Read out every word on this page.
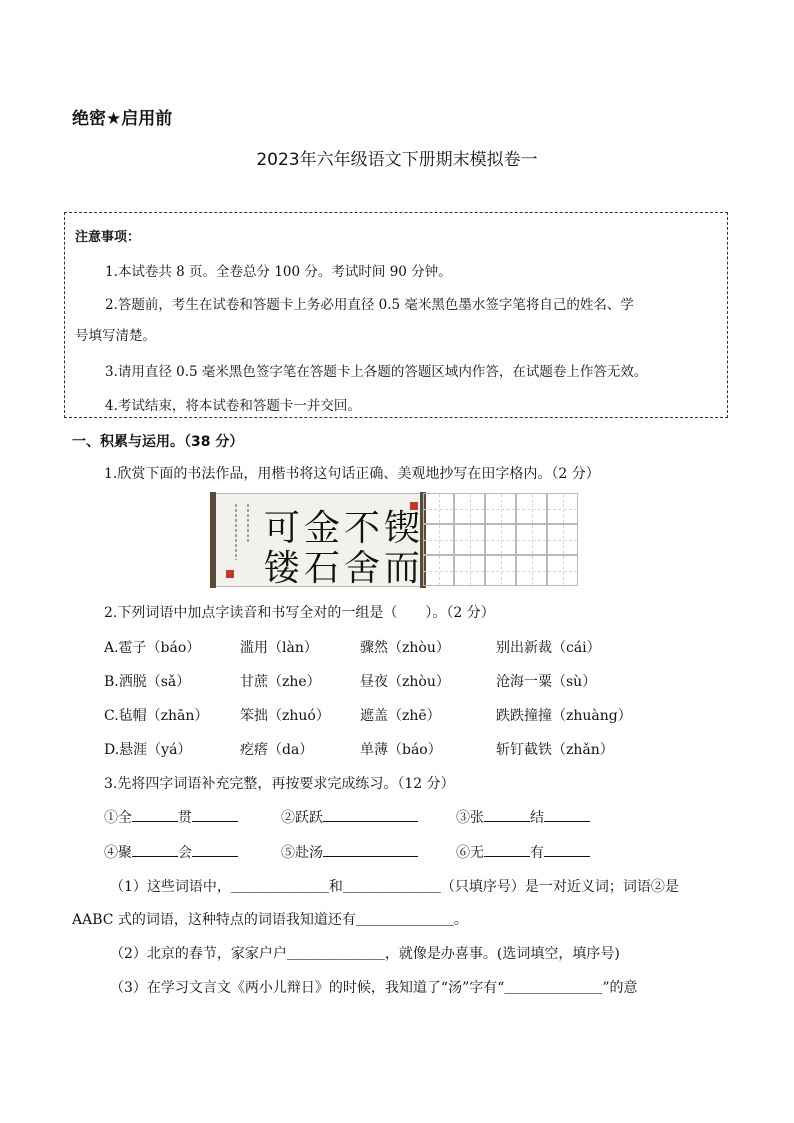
绝密★启用前
2023年六年级语文下册期末模拟卷一
注意事项：
1.本试卷共 8 页。全卷总分 100 分。考试时间 90 分钟。
2.答题前，考生在试卷和答题卡上务必用直径 0.5 毫米黑色墨水签字笔将自己的姓名、学
号填写清楚。
3.请用直径 0.5 毫米黑色签字笔在答题卡上各题的答题区域内作答，在试题卷上作答无效。
4.考试结束，将本试卷和答题卡一并交回。
一、积累与运用。（38 分）
1.欣赏下面的书法作品，用楷书将这句话正确、美观地抄写在田字格内。（2 分）
锲
不
金
可
而
舍
石
镂
2.下列词语中加点字读音和书写全对的一组是（　　）。（2 分）
A.雹子（báo）	滥用（làn）	骤然（zhòu）	别出新裁（cái）
B.洒脱（sǎ）	甘蔗（zhe）	昼夜（zhòu）	沧海一粟（sù）
C.毡帽（zhān） 笨拙（zhuó） 遮盖（zhē）	跌跌撞撞（zhuàng）
D.悬涯（yá）	疙瘩（da）	单薄（báo）	斩钉截铁（zhǎn）
3.先将四字词语补充完整，再按要求完成练习。（12 分）
①全	贯	②跃跃	③张	结
④聚	会	⑤赴汤	⑥无	有
（1）这些词语中，＿＿＿＿＿＿＿和＿＿＿＿＿＿＿（只填序号）是一对近义词；词语②是
AABC 式的词语，这种特点的词语我知道还有＿＿＿＿＿＿＿。
（2）北京的春节，家家户户＿＿＿＿＿＿＿，就像是办喜事。(选词填空，填序号)
（3）在学习文言文《两小儿辩日》的时候，我知道了“汤”字有“＿＿＿＿＿＿＿”的意
